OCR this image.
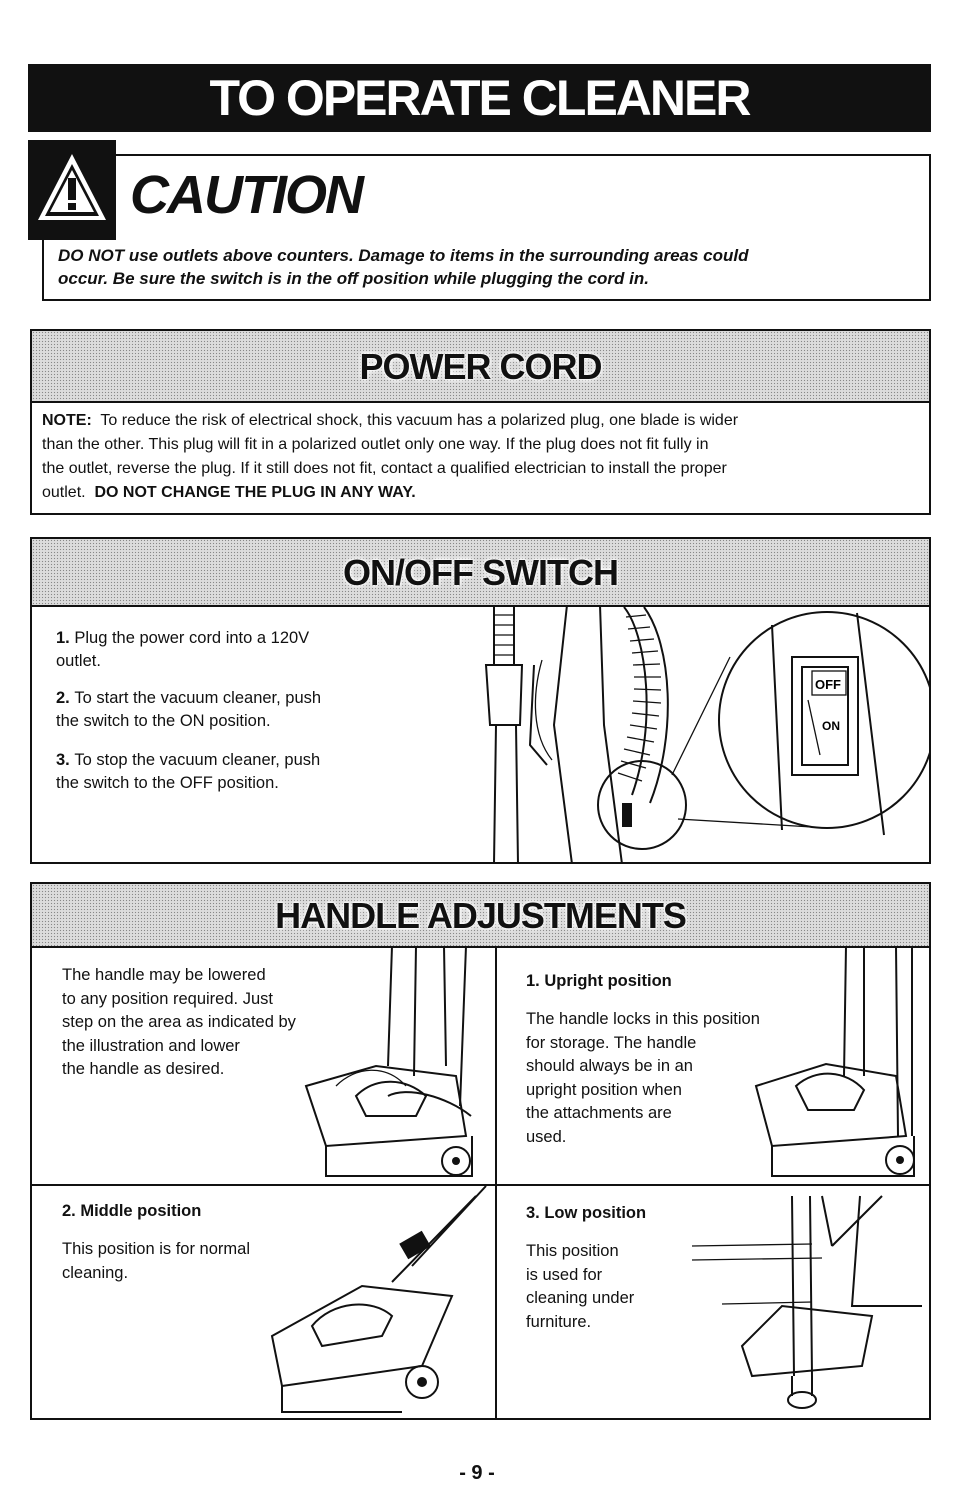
TO OPERATE CLEANER
CAUTION
DO NOT use outlets above counters. Damage to items in the surrounding areas could
occur. Be sure the switch is in the off position while plugging the cord in.
POWER CORD
NOTE: To reduce the risk of electrical shock, this vacuum has a polarized plug, one blade is wider
than the other. This plug will fit in a polarized outlet only one way. If the plug does not fit fully in
the outlet, reverse the plug. If it still does not fit, contact a qualified electrician to install the proper
outlet. DO NOT CHANGE THE PLUG IN ANY WAY.
ON/OFF SWITCH
1. Plug the power cord into a 120V
outlet.
2. To start the vacuum cleaner, push
the switch to the ON position.
3. To stop the vacuum cleaner, push
the switch to the OFF position.
OFF
ON
HANDLE ADJUSTMENTS
The handle may be lowered
to any position required. Just
step on the area as indicated by
the illustration and lower
the handle as desired.
1. Upright position
The handle locks in this position
for storage. The handle
should always be in an
upright position when
the attachments are
used.
2. Middle position
This position is for normal
cleaning.
3. Low position
This position
is used for
cleaning under
furniture.
- 9 -
